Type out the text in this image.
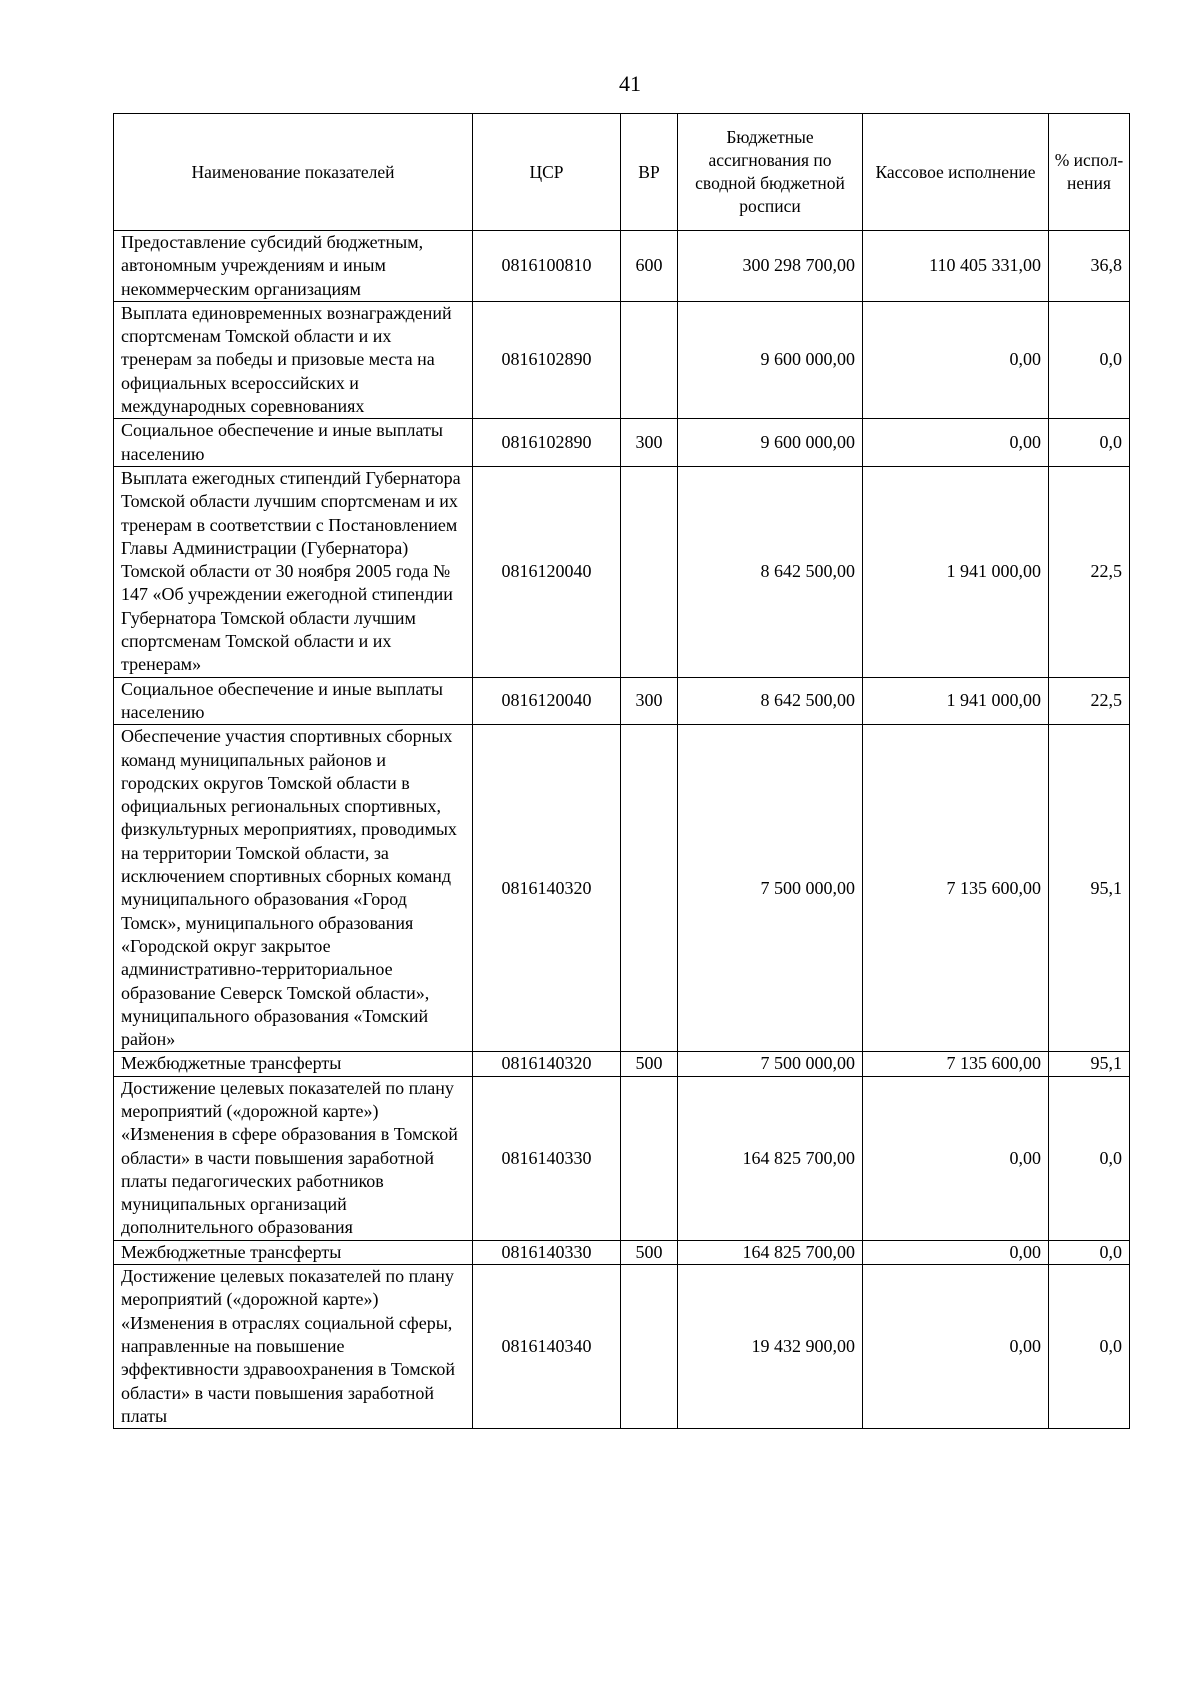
41
Наименование показателей	ЦСР	ВР	Бюджетные ассигнования по сводной бюджетной росписи	Кассовое исполнение	% испол-нения
Предоставление субсидий бюджетным, автономным учреждениям и иным некоммерческим организациям	0816100810	600	300 298 700,00	110 405 331,00	36,8
Выплата единовременных вознаграждений спортсменам Томской области и их тренерам за победы и призовые места на официальных всероссийских и международных соревнованиях	0816102890		9 600 000,00	0,00	0,0
Социальное обеспечение и иные выплаты населению	0816102890	300	9 600 000,00	0,00	0,0
Выплата ежегодных стипендий Губернатора Томской области лучшим спортсменам и их тренерам в соответствии с Постановлением Главы Администрации (Губернатора) Томской области от 30 ноября 2005 года № 147 «Об учреждении ежегодной стипендии Губернатора Томской области лучшим спортсменам Томской области и их тренерам»	0816120040		8 642 500,00	1 941 000,00	22,5
Социальное обеспечение и иные выплаты населению	0816120040	300	8 642 500,00	1 941 000,00	22,5
Обеспечение участия спортивных сборных команд муниципальных районов и городских округов Томской области в официальных региональных спортивных, физкультурных мероприятиях, проводимых на территории Томской области, за исключением спортивных сборных команд муниципального образования «Город Томск», муниципального образования «Городской округ закрытое административно-территориальное образование Северск Томской области», муниципального образования «Томский район»	0816140320		7 500 000,00	7 135 600,00	95,1
Межбюджетные трансферты	0816140320	500	7 500 000,00	7 135 600,00	95,1
Достижение целевых показателей по плану мероприятий («дорожной карте») «Изменения в сфере образования в Томской области» в части повышения заработной платы педагогических работников муниципальных организаций дополнительного образования	0816140330		164 825 700,00	0,00	0,0
Межбюджетные трансферты	0816140330	500	164 825 700,00	0,00	0,0
Достижение целевых показателей по плану мероприятий («дорожной карте») «Изменения в отраслях социальной сферы, направленные на повышение эффективности здравоохранения в Томской области» в части повышения заработной платы	0816140340		19 432 900,00	0,00	0,0
